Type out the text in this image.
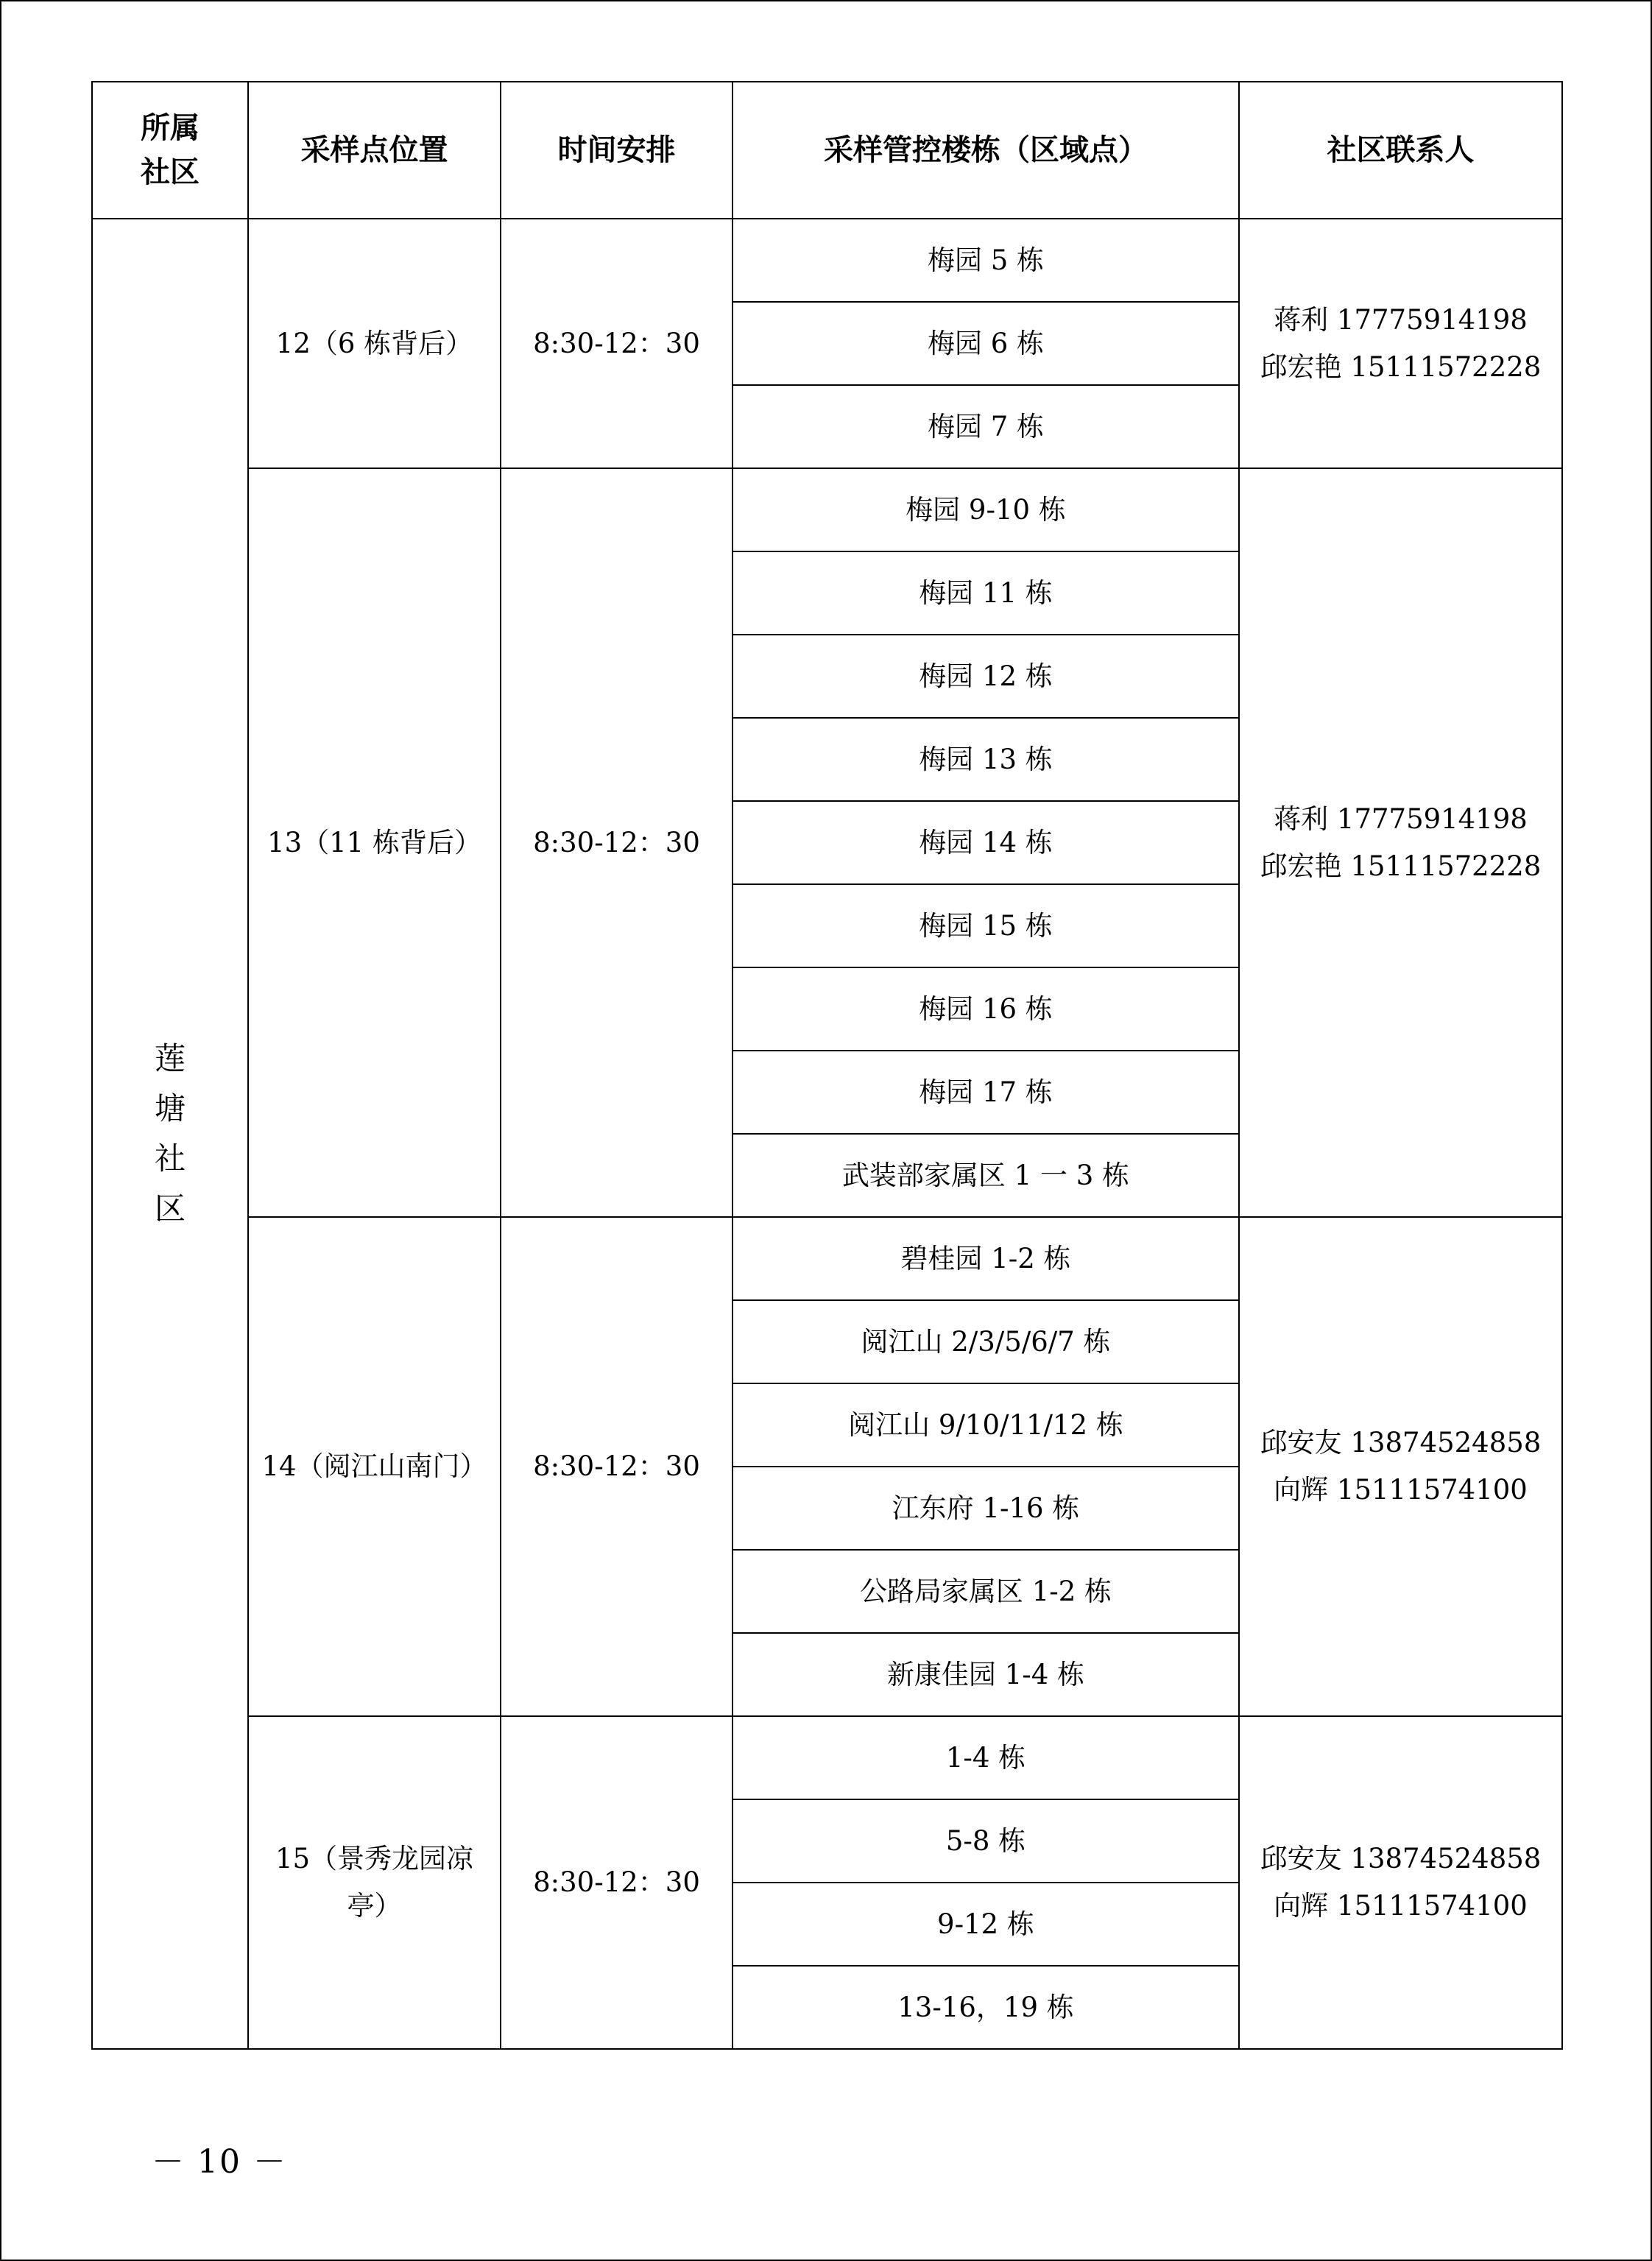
所属社区	采样点位置	时间安排	采样管控楼栋（区域点）	社区联系人
莲塘社区	12（6 栋背后）	8:30-12：30	梅园 5 栋	蒋利 17775914198
邱宏艳 15111572228

			梅园 6 栋	
			梅园 7 栋	
	13（11 栋背后）	8:30-12：30	梅园 9-10 栋	蒋利 17775914198
邱宏艳 15111572228

			梅园 11 栋	
			梅园 12 栋	
			梅园 13 栋	
			梅园 14 栋	
			梅园 15 栋	
			梅园 16 栋	
			梅园 17 栋	
			武装部家属区 1 一 3 栋	
	14（阅江山南门）	8:30-12：30	碧桂园 1-2 栋	邱安友 13874524858
向辉 15111574100

			阅江山 2/3/5/6/7 栋	
			阅江山 9/10/11/12 栋	
			江东府 1-16 栋	
			公路局家属区 1-2 栋	
			新康佳园 1-4 栋	
	15（景秀龙园凉亭）	8:30-12：30	1-4 栋	邱安友 13874524858
向辉 15111574100

			5-8 栋	
			9-12 栋	
			13-16，19 栋	
－ 10 －
